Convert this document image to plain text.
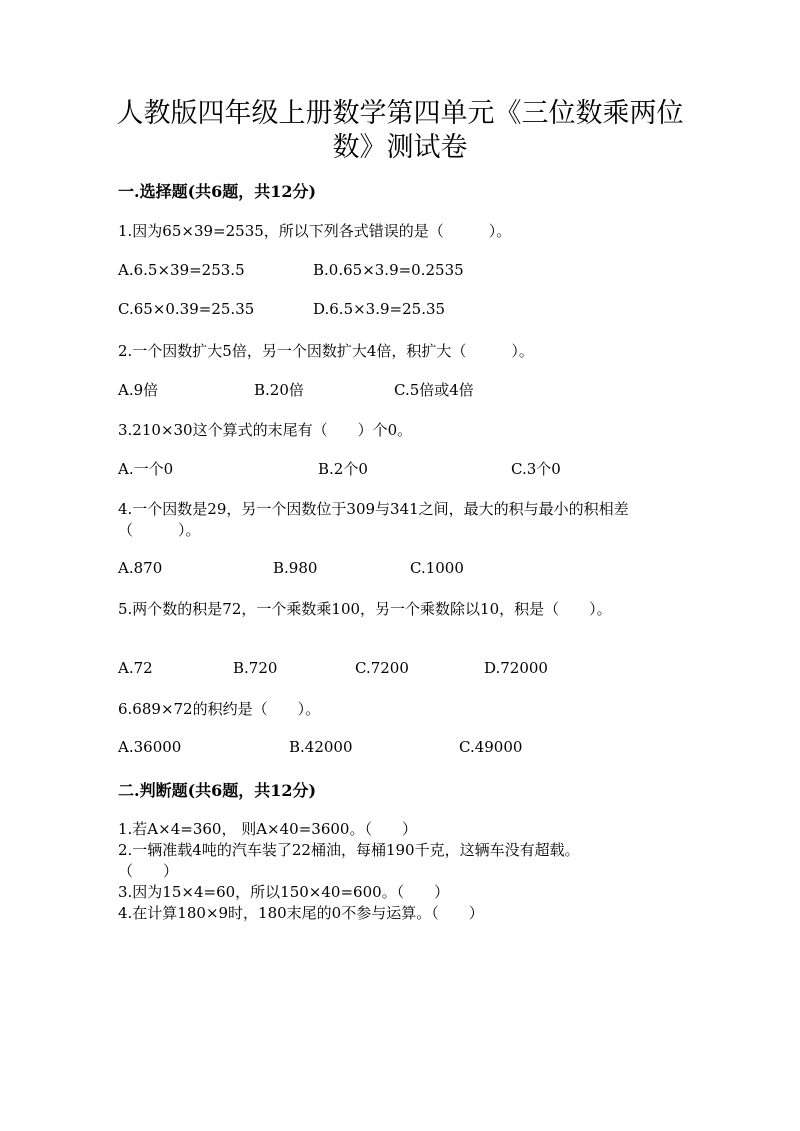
人教版四年级上册数学第四单元《三位数乘两位
数》测试卷
一.选择题(共6题，共12分)
1.因为65×39=2535，所以下列各式错误的是（　　　）。
A.6.5×39=253.5	B.0.65×3.9=0.2535
C.65×0.39=25.35	D.6.5×3.9=25.35
2.一个因数扩大5倍，另一个因数扩大4倍，积扩大（　　　）。
A.9倍	B.20倍	C.5倍或4倍
3.210×30这个算式的末尾有（　　）个0。
A.一个0	B.2个0	C.3个0
4.一个因数是29，另一个因数位于309与341之间，最大的积与最小的积相差
（　　　）。
A.870	B.980	C.1000
5.两个数的积是72，一个乘数乘100，另一个乘数除以10，积是（　　）。
A.72	B.720	C.7200	D.72000
6.689×72的积约是（　　）。
A.36000	B.42000	C.49000
二.判断题(共6题，共12分)
1.若A×4=360， 则A×40=3600。（　　）
2.一辆准载4吨的汽车装了22桶油，每桶190千克，这辆车没有超载。
（　　）
3.因为15×4=60，所以150×40=600。（　　）
4.在计算180×9时，180末尾的0不参与运算。（　　）
